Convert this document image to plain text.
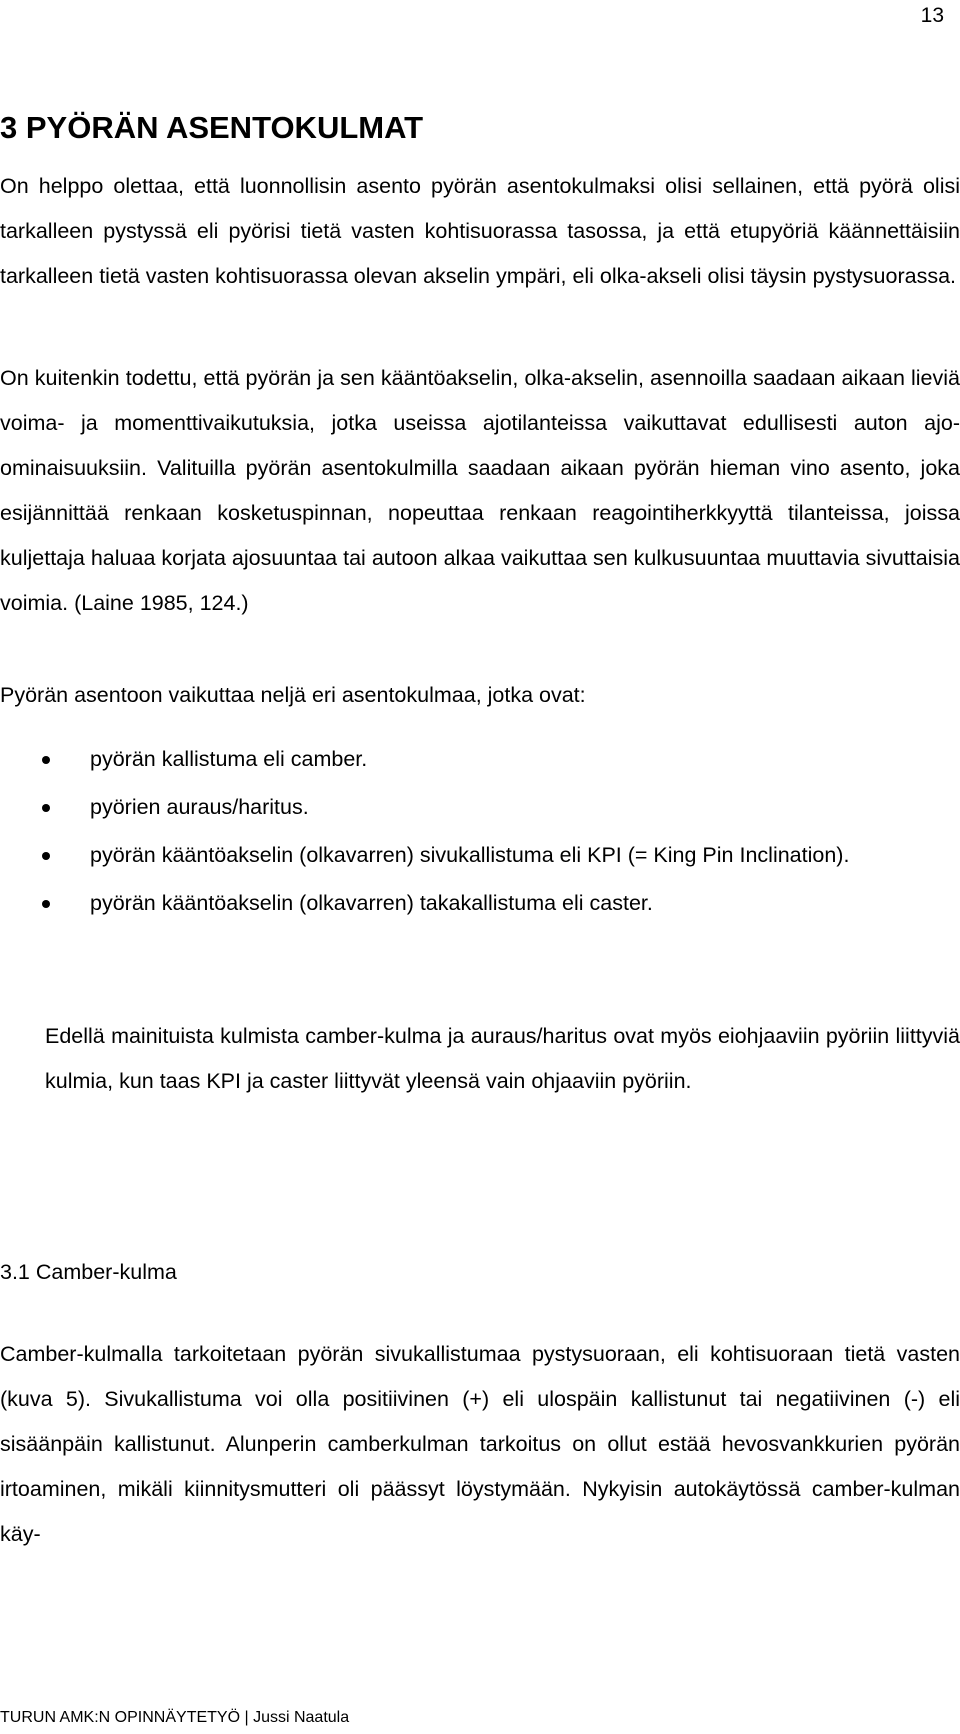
13
3 PYÖRÄN ASENTOKULMAT
On helppo olettaa, että luonnollisin asento pyörän asentokulmaksi olisi sellainen, että pyörä olisi tarkalleen pystyssä eli pyörisi tietä vasten kohtisuorassa tasossa, ja että etupyöriä käännettäisiin tarkalleen tietä vasten kohtisuorassa olevan akselin ympäri, eli olka-akseli olisi täysin pystysuorassa.
On kuitenkin todettu, että pyörän ja sen kääntöakselin, olka-akselin, asennoilla saadaan aikaan lieviä voima- ja momenttivaikutuksia, jotka useissa ajotilanteissa vaikuttavat edullisesti auton ajo-ominaisuuksiin. Valituilla pyörän asentokulmilla saadaan aikaan pyörän hieman vino asento, joka esijännittää renkaan kosketuspinnan, nopeuttaa renkaan reagointiherkkyyttä tilanteissa, joissa kuljettaja haluaa korjata ajosuuntaa tai autoon alkaa vaikuttaa sen kulkusuuntaa muuttavia sivuttaisia voimia. (Laine 1985, 124.)
Pyörän asentoon vaikuttaa neljä eri asentokulmaa, jotka ovat:
pyörän kallistuma eli camber.
pyörien auraus/haritus.
pyörän kääntöakselin (olkavarren) sivukallistuma eli KPI (= King Pin Inclination).
pyörän kääntöakselin (olkavarren) takakallistuma eli caster.
Edellä mainituista kulmista camber-kulma ja auraus/haritus ovat myös eiohjaaviin pyöriin liittyviä kulmia, kun taas KPI ja caster liittyvät yleensä vain ohjaaviin pyöriin.
3.1 Camber-kulma
Camber-kulmalla tarkoitetaan pyörän sivukallistumaa pystysuoraan, eli kohtisuoraan tietä vasten (kuva 5). Sivukallistuma voi olla positiivinen (+) eli ulospäin kallistunut tai negatiivinen (-) eli sisäänpäin kallistunut. Alunperin camberkulman tarkoitus on ollut estää hevosvankkurien pyörän irtoaminen, mikäli kiinnitysmutteri oli päässyt löystymään. Nykyisin autokäytössä camber-kulman käy-
TURUN AMK:N OPINNÄYTETYÖ | Jussi Naatula
